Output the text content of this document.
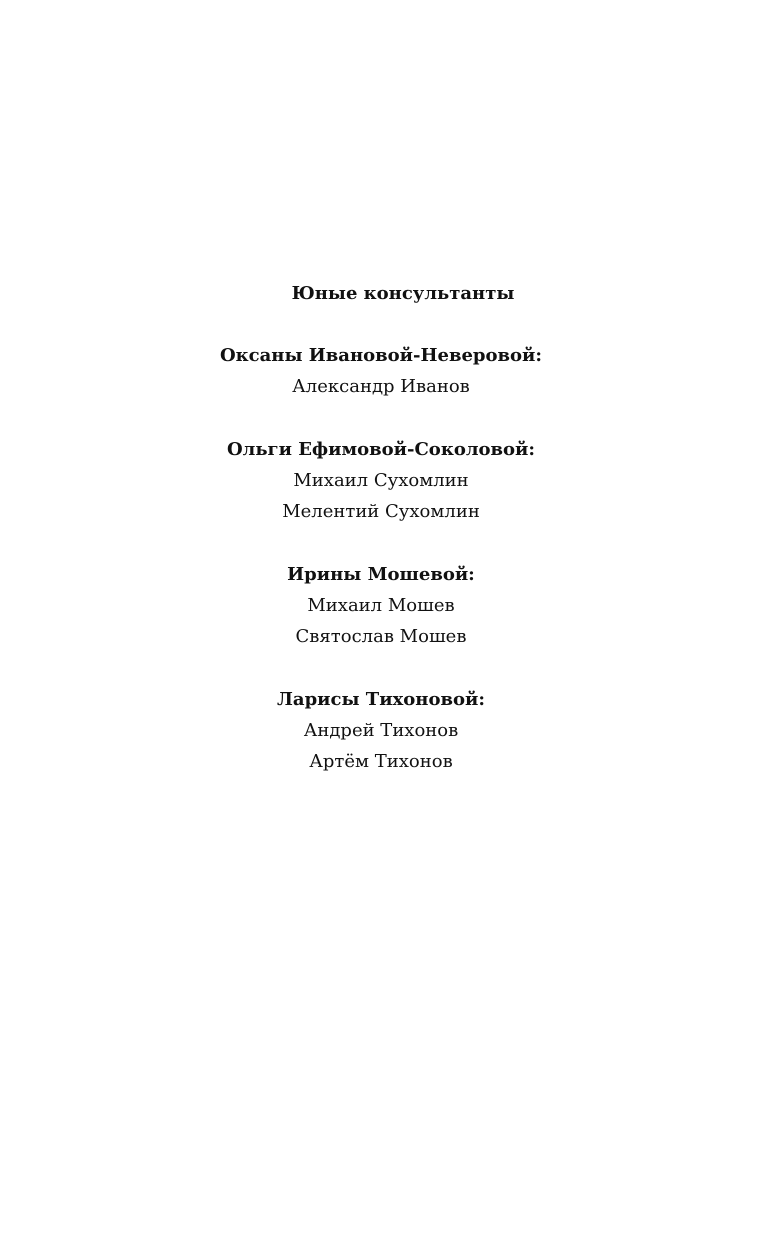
Юные консультанты

Оксаны Ивановой-Неверовой:

Александр Иванов

Ольги Ефимовой-Соколовой:

Михаил Сухомлин

Мелентий Сухомлин

Ирины Мошевой:

Михаил Мошев

Святослав Мошев

Ларисы Тихоновой:

Андрей Тихонов

Артём Тихонов
